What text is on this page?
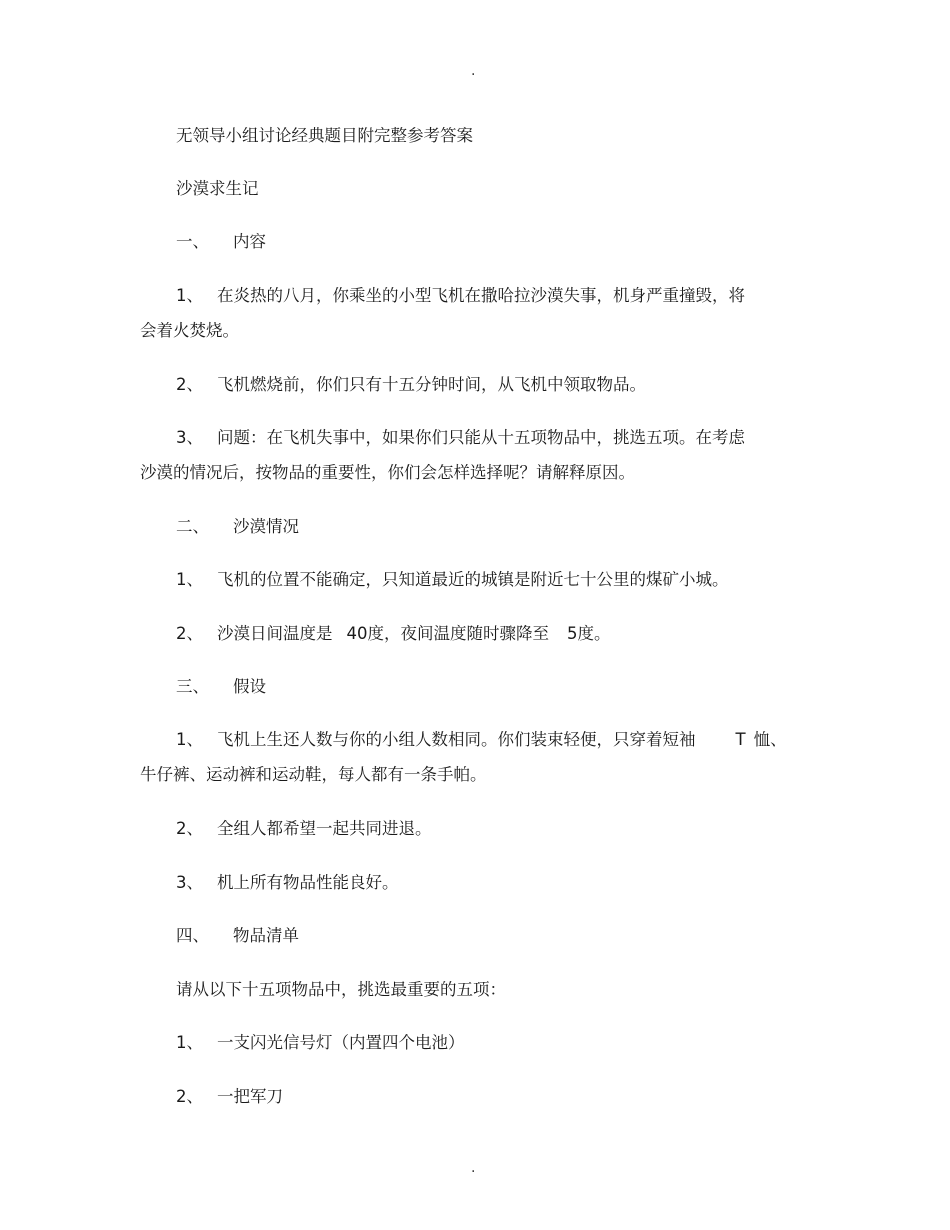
.

无领导小组讨论经典题目附完整参考答案

沙漠求生记

一、 内容

1、 在炎热的八月，你乘坐的小型飞机在撒哈拉沙漠失事，机身严重撞毁，将

会着火焚烧。

2、 飞机燃烧前，你们只有十五分钟时间，从飞机中领取物品。

3、 问题：在飞机失事中，如果你们只能从十五项物品中，挑选五项。在考虑

沙漠的情况后，按物品的重要性，你们会怎样选择呢？请解释原因。

二、 沙漠情况

1、 飞机的位置不能确定，只知道最近的城镇是附近七十公里的煤矿小城。

2、 沙漠日间温度是 40度，夜间温度随时骤降至 5度。

三、 假设

1、 飞机上生还人数与你的小组人数相同。你们装束轻便，只穿着短袖 T 恤、

牛仔裤、运动裤和运动鞋，每人都有一条手帕。

2、 全组人都希望一起共同进退。

3、 机上所有物品性能良好。

四、 物品清单

请从以下十五项物品中，挑选最重要的五项：

1、 一支闪光信号灯（内置四个电池）

2、 一把军刀

.
